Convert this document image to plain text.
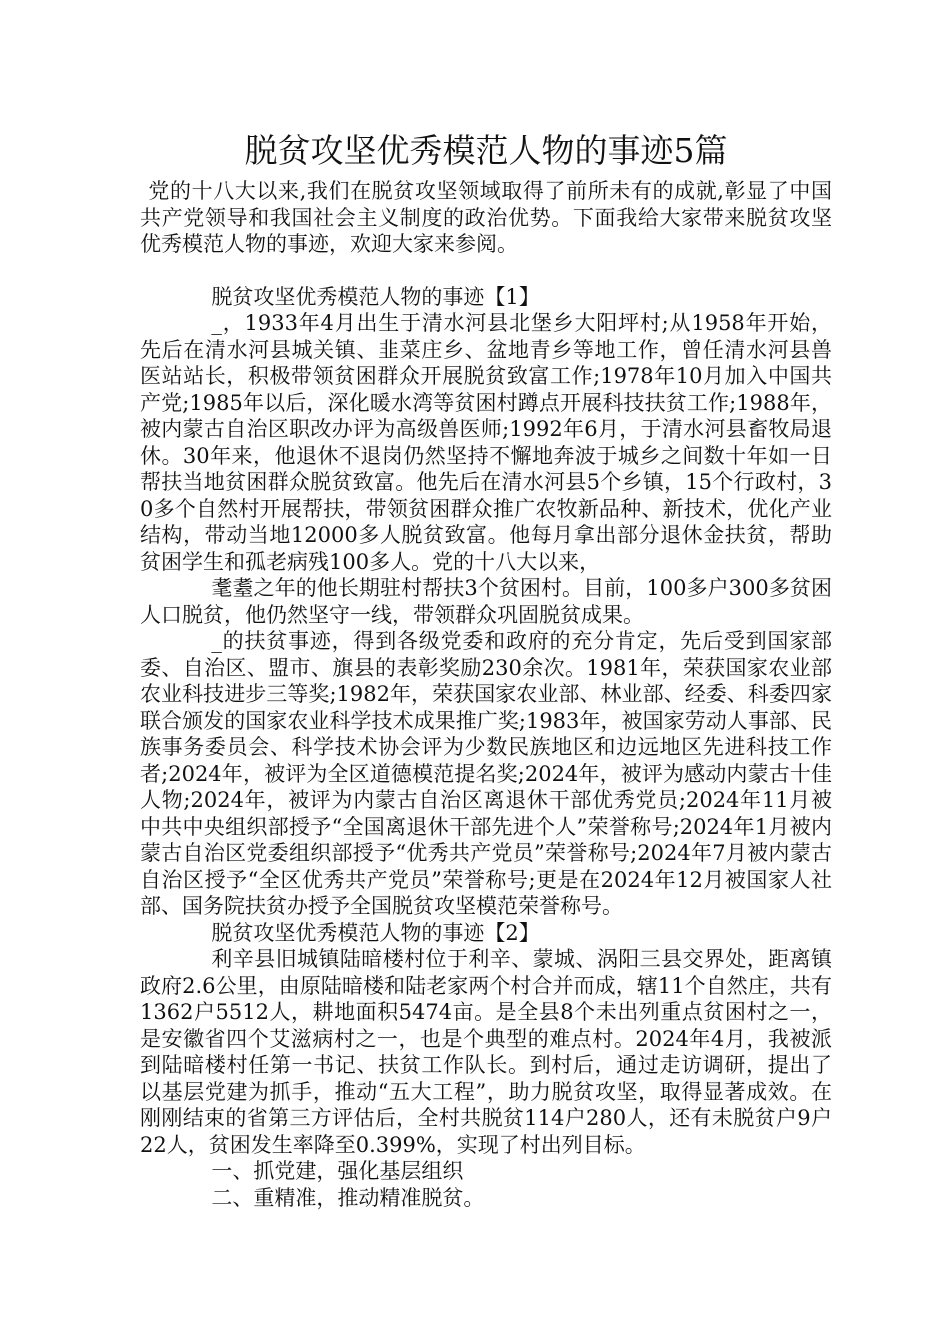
脱贫攻坚优秀模范人物的事迹5篇

党的十八大以来,我们在脱贫攻坚领域取得了前所未有的成就,彰显了中国共产党领导和我国社会主义制度的政治优势。下面我给大家带来脱贫攻坚优秀模范人物的事迹，欢迎大家来参阅。

脱贫攻坚优秀模范人物的事迹【1】

_，1933年4月出生于清水河县北堡乡大阳坪村;从1958年开始，先后在清水河县城关镇、韭菜庄乡、盆地青乡等地工作，曾任清水河县兽医站站长，积极带领贫困群众开展脱贫致富工作;1978年10月加入中国共产党;1985年以后，深化暖水湾等贫困村蹲点开展科技扶贫工作;1988年，被内蒙古自治区职改办评为高级兽医师;1992年6月，于清水河县畜牧局退休。30年来，他退休不退岗仍然坚持不懈地奔波于城乡之间数十年如一日帮扶当地贫困群众脱贫致富。他先后在清水河县5个乡镇，15个行政村，30多个自然村开展帮扶，带领贫困群众推广农牧新品种、新技术，优化产业结构，带动当地12000多人脱贫致富。他每月拿出部分退休金扶贫，帮助贫困学生和孤老病残100多人。党的十八大以来，

耄耋之年的他长期驻村帮扶3个贫困村。目前，100多户300多贫困人口脱贫，他仍然坚守一线，带领群众巩固脱贫成果。

_的扶贫事迹，得到各级党委和政府的充分肯定，先后受到国家部委、自治区、盟市、旗县的表彰奖励230余次。1981年，荣获国家农业部农业科技进步三等奖;1982年，荣获国家农业部、林业部、经委、科委四家联合颁发的国家农业科学技术成果推广奖;1983年，被国家劳动人事部、民族事务委员会、科学技术协会评为少数民族地区和边远地区先进科技工作者;2024年，被评为全区道德模范提名奖;2024年，被评为感动内蒙古十佳人物;2024年，被评为内蒙古自治区离退休干部优秀党员;2024年11月被中共中央组织部授予“全国离退休干部先进个人”荣誉称号;2024年1月被内蒙古自治区党委组织部授予“优秀共产党员”荣誉称号;2024年7月被内蒙古自治区授予“全区优秀共产党员”荣誉称号;更是在2024年12月被国家人社部、国务院扶贫办授予全国脱贫攻坚模范荣誉称号。

脱贫攻坚优秀模范人物的事迹【2】

利辛县旧城镇陆暗楼村位于利辛、蒙城、涡阳三县交界处，距离镇政府2.6公里，由原陆暗楼和陆老家两个村合并而成，辖11个自然庄，共有1362户5512人，耕地面积5474亩。是全县8个未出列重点贫困村之一，是安徽省四个艾滋病村之一，也是个典型的难点村。2024年4月，我被派到陆暗楼村任第一书记、扶贫工作队长。到村后，通过走访调研，提出了以基层党建为抓手，推动“五大工程”，助力脱贫攻坚，取得显著成效。在刚刚结束的省第三方评估后，全村共脱贫114户280人，还有未脱贫户9户22人，贫困发生率降至0.399%，实现了村出列目标。

一、抓党建，强化基层组织

二、重精准，推动精准脱贫。
